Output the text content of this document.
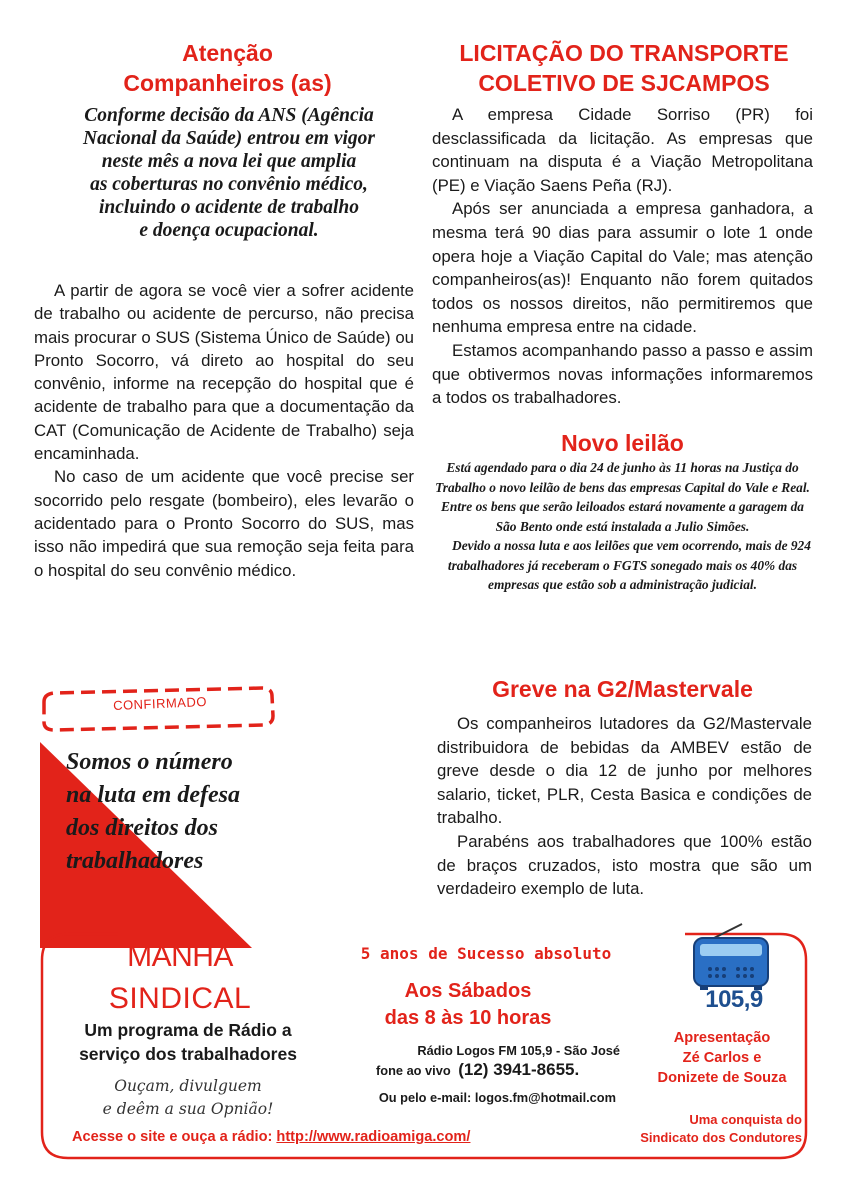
Atenção
Companheiros (as)
Conforme decisão da ANS (Agência
Nacional da Saúde) entrou em vigor
neste mês a nova lei que amplia
as coberturas no convênio médico,
incluindo o acidente de trabalho
e doença ocupacional.

A partir de agora se você vier a sofrer acidente de trabalho ou acidente de percurso, não precisa mais procurar o SUS (Sistema Único de Saúde) ou Pronto Socorro, vá direto ao hospital do seu convênio, informe na recepção do hospital que é acidente de trabalho para que a documentação da CAT (Comunicação de Acidente de Trabalho) seja encaminhada.

No caso de um acidente que você precise ser socorrido pelo resgate (bombeiro), eles levarão o acidentado para o Pronto Socorro do SUS, mas isso não impedirá que sua remoção seja feita para o hospital do seu convênio médico.

LICITAÇÃO DO TRANSPORTE
COLETIVO DE SJCAMPOS

A empresa Cidade Sorriso (PR) foi desclassificada da licitação. As empresas que continuam na disputa é a Viação Metropolitana (PE) e Viação Saens Peña (RJ).

Após ser anunciada a empresa ganhadora, a mesma terá 90 dias para assumir o lote 1 onde opera hoje a Viação Capital do Vale; mas atenção companheiros(as)! Enquanto não forem quitados todos os nossos direitos, não permitiremos que nenhuma empresa entre na cidade.

Estamos acompanhando passo a passo e assim que obtivermos novas informações informaremos a todos os trabalhadores.

Novo leilão

Está agendado para o dia 24 de junho às 11 horas na Justiça do Trabalho o novo leilão de bens das empresas Capital do Vale e Real. Entre os bens que serão leiloados estará novamente a garagem da São Bento onde está instalada a Julio Simões.

Devido a nossa luta e aos leilões que vem ocorrendo, mais de 924 trabalhadores já receberam o FGTS sonegado mais os 40% das empresas que estão sob a administração judicial.

Greve na G2/Mastervale

Os companheiros lutadores da G2/Mastervale distribuidora de bebidas da AMBEV estão de greve desde o dia 12 de junho por melhores salario, ticket, PLR, Cesta Basica e condições de trabalho.

Parabéns aos trabalhadores que 100% estão de braços cruzados, isto mostra que são um verdadeiro exemplo de luta.

CONFIRMADO
Somos o número
na luta em defesa
dos direitos dos
trabalhadores
MANHÃ
SINDICAL
Um programa de Rádio a
serviço dos trabalhadores
Ouçam, divulguem
e deêm a sua Opnião!
5 anos de Sucesso absoluto
Aos Sábados
das 8 às 10 horas
Rádio Logos FM 105,9 - São José
fone ao vivo (12) 3941-8655.
Ou pelo e-mail: logos.fm@hotmail.com
Acesse o site e ouça a rádio: http://www.radioamiga.com/
105,9
Apresentação
Zé Carlos e
Donizete de Souza
Uma conquista do
Sindicato dos Condutores
